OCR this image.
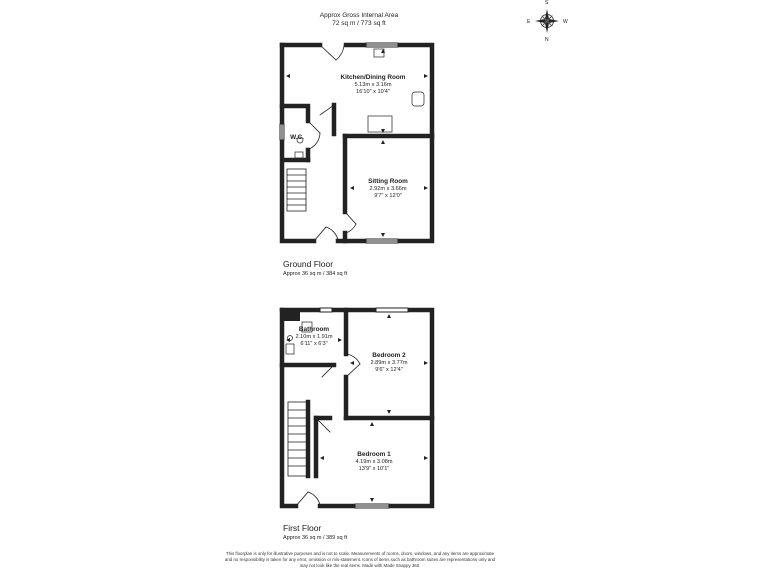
Approx Gross Internal Area
72 sq m / 773 sq ft
Kitchen/Dining Room
5.13m x 3.16m
16'10" x 10'4"
W.C.
Sitting Room
2.92m x 3.66m
9'7" x 12'0"
Bathroom
2.10m x 1.91m
6'11" x 6'3"
Bedroom 2
2.89m x 3.77m
9'6" x 12'4"
Bedroom 1
4.19m x 3.08m
13'9" x 10'1"
Ground Floor
Approx 36 sq m / 384 sq ft
First Floor
Approx 36 sq m / 389 sq ft
S
N
E	W
This floorplan is only for illustrative purposes and is not to scale. Measurements of rooms, doors, windows, and any items are approximate
and no responsibility is taken for any error, omission or mis-statement. Icons of items such as bathroom suites are representations only and
may not look like the real items. Made with Made Snappy 360.
